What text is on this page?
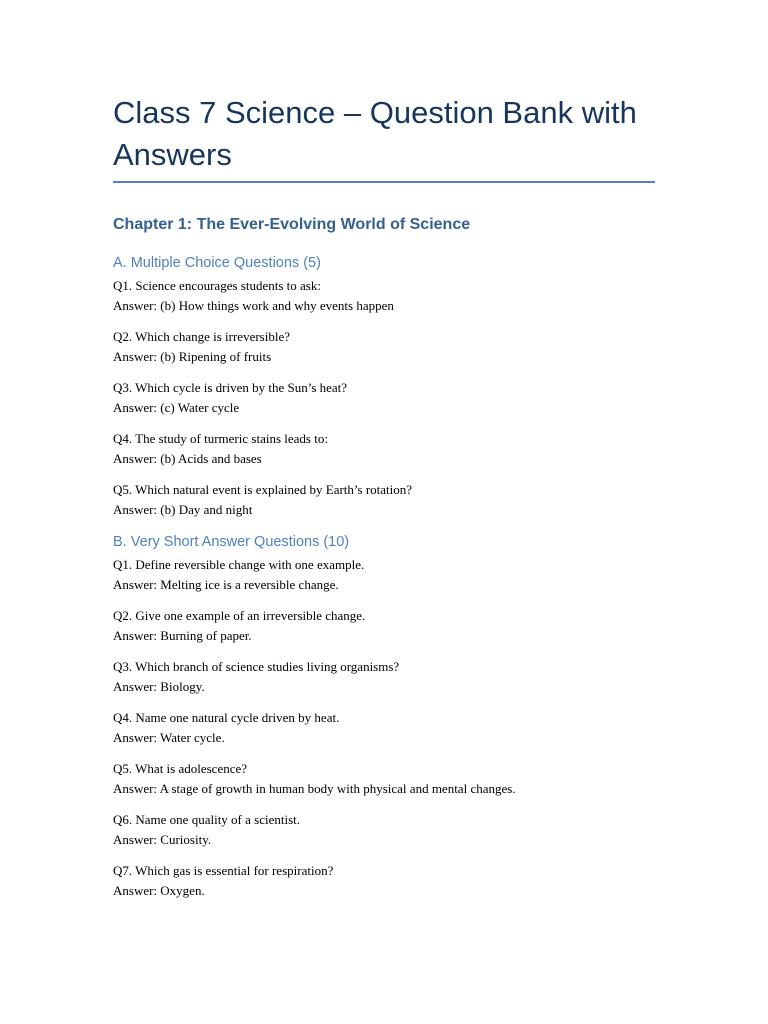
Class 7 Science – Question Bank with Answers
Chapter 1: The Ever-Evolving World of Science
A. Multiple Choice Questions (5)
Q1. Science encourages students to ask:
Answer: (b) How things work and why events happen
Q2. Which change is irreversible?
Answer: (b) Ripening of fruits
Q3. Which cycle is driven by the Sun’s heat?
Answer: (c) Water cycle
Q4. The study of turmeric stains leads to:
Answer: (b) Acids and bases
Q5. Which natural event is explained by Earth’s rotation?
Answer: (b) Day and night
B. Very Short Answer Questions (10)
Q1. Define reversible change with one example.
Answer: Melting ice is a reversible change.
Q2. Give one example of an irreversible change.
Answer: Burning of paper.
Q3. Which branch of science studies living organisms?
Answer: Biology.
Q4. Name one natural cycle driven by heat.
Answer: Water cycle.
Q5. What is adolescence?
Answer: A stage of growth in human body with physical and mental changes.
Q6. Name one quality of a scientist.
Answer: Curiosity.
Q7. Which gas is essential for respiration?
Answer: Oxygen.
